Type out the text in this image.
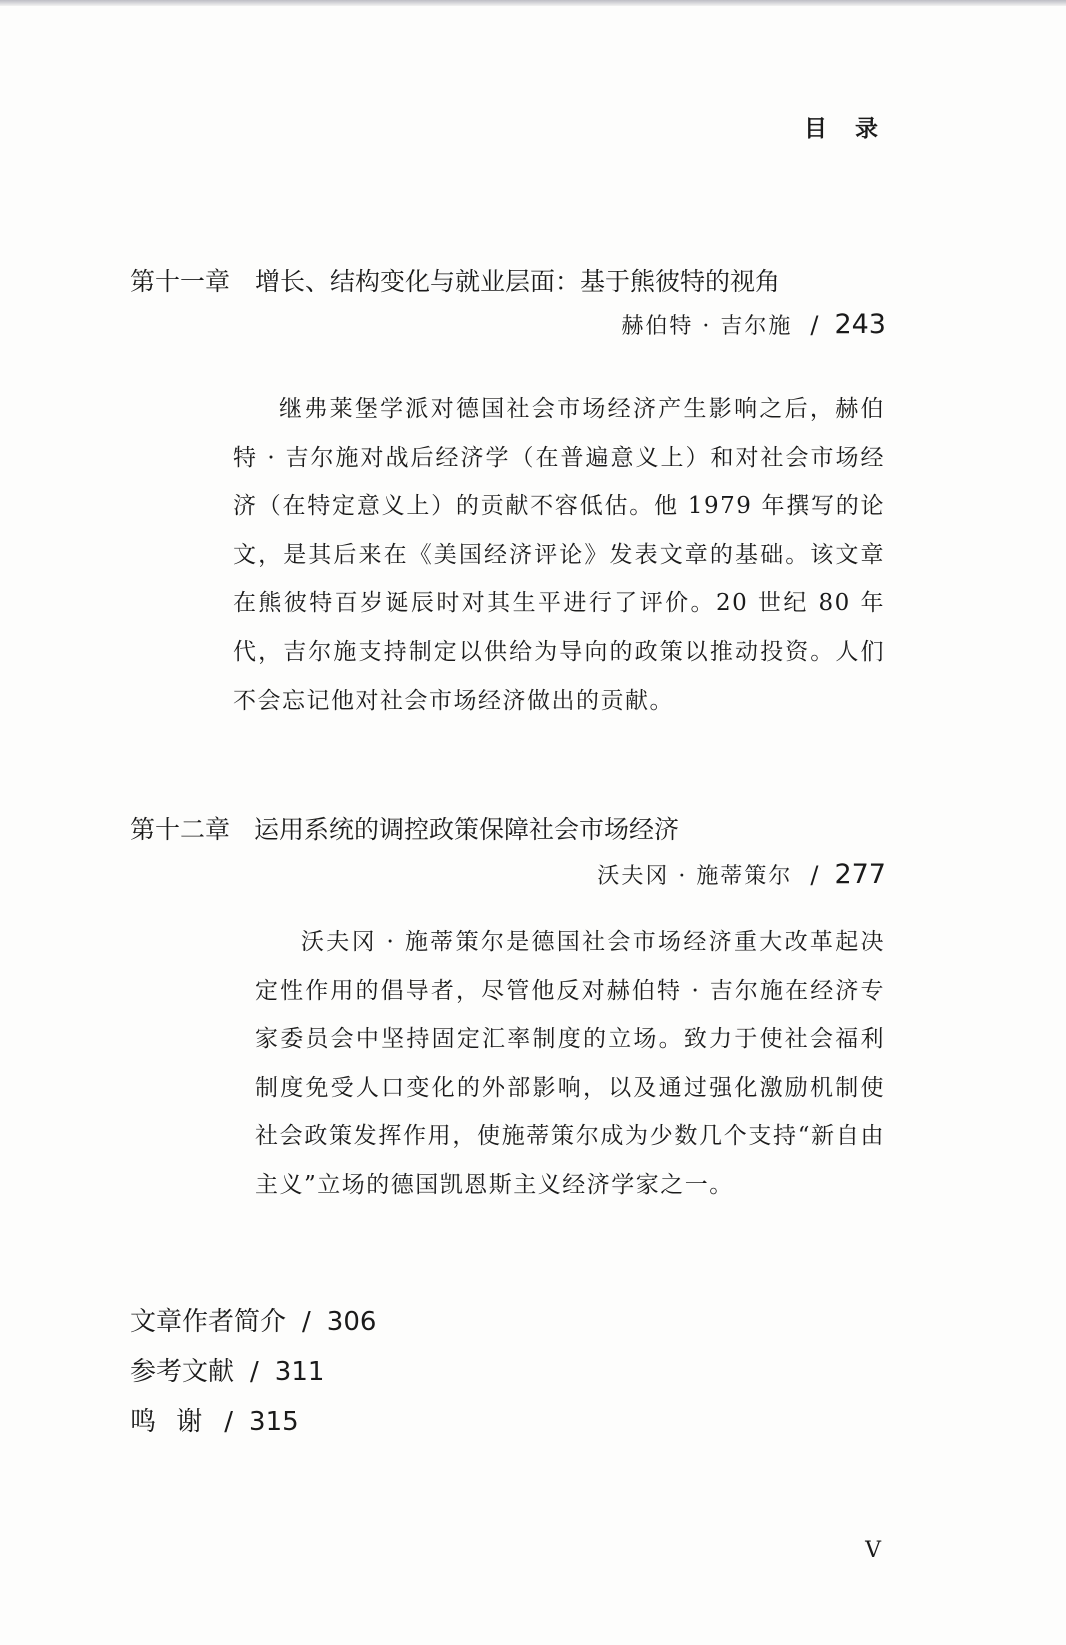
目 录
第十一章 增长、结构变化与就业层面：基于熊彼特的视角
赫伯特 · 吉尔施 / 243
继弗莱堡学派对德国社会市场经济产生影响之后，赫伯特 · 吉尔施对战后经济学（在普遍意义上）和对社会市场经济（在特定意义上）的贡献不容低估。他 1979 年撰写的论文，是其后来在《美国经济评论》发表文章的基础。该文章在熊彼特百岁诞辰时对其生平进行了评价。20 世纪 80 年代，吉尔施支持制定以供给为导向的政策以推动投资。人们不会忘记他对社会市场经济做出的贡献。
第十二章 运用系统的调控政策保障社会市场经济
沃夫冈 · 施蒂策尔 / 277
沃夫冈 · 施蒂策尔是德国社会市场经济重大改革起决定性作用的倡导者，尽管他反对赫伯特 · 吉尔施在经济专家委员会中坚持固定汇率制度的立场。致力于使社会福利制度免受人口变化的外部影响，以及通过强化激励机制使社会政策发挥作用，使施蒂策尔成为少数几个支持“新自由主义”立场的德国凯恩斯主义经济学家之一。
文章作者简介 / 306
参考文献 / 311
鸣 谢 / 315
V
